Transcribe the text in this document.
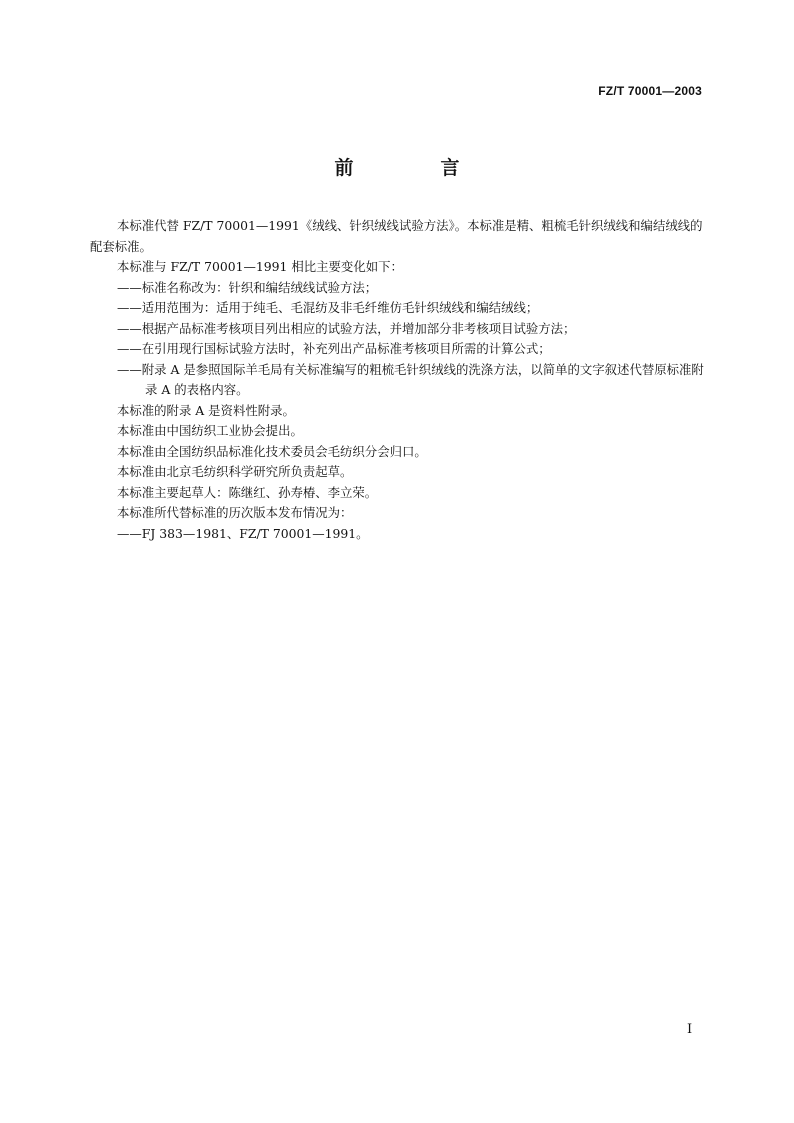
FZ/T 70001—2003
前　言

本标准代替 FZ/T 70001—1991《绒线、针织绒线试验方法》。本标准是精、粗梳毛针织绒线和编结绒线的配套标准。

本标准与 FZ/T 70001—1991 相比主要变化如下：

——标准名称改为：针织和编结绒线试验方法；

——适用范围为：适用于纯毛、毛混纺及非毛纤维仿毛针织绒线和编结绒线；

——根据产品标准考核项目列出相应的试验方法，并增加部分非考核项目试验方法；

——在引用现行国标试验方法时，补充列出产品标准考核项目所需的计算公式；

——附录 A 是参照国际羊毛局有关标准编写的粗梳毛针织绒线的洗涤方法，以简单的文字叙述代替原标准附录 A 的表格内容。

本标准的附录 A 是资料性附录。

本标准由中国纺织工业协会提出。

本标准由全国纺织品标准化技术委员会毛纺织分会归口。

本标准由北京毛纺织科学研究所负责起草。

本标准主要起草人：陈继红、孙寿椿、李立荣。

本标准所代替标准的历次版本发布情况为：

——FJ 383—1981、FZ/T 70001—1991。

I
